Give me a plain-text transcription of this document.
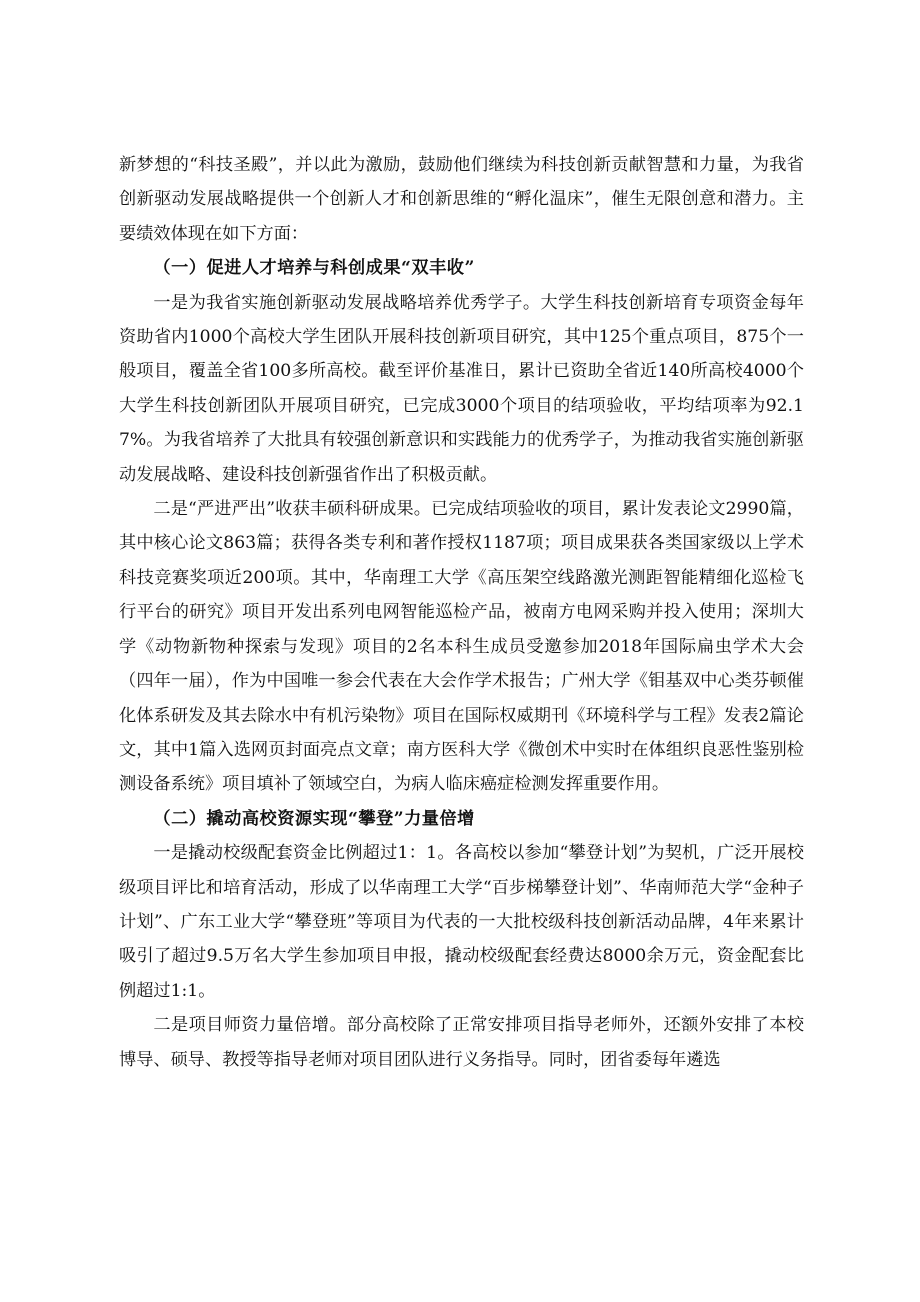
新梦想的“科技圣殿”，并以此为激励，鼓励他们继续为科技创新贡献智慧和力量，为我省创新驱动发展战略提供一个创新人才和创新思维的“孵化温床”，催生无限创意和潜力。主要绩效体现在如下方面：

（一）促进人才培养与科创成果“双丰收”

一是为我省实施创新驱动发展战略培养优秀学子。大学生科技创新培育专项资金每年资助省内1000个高校大学生团队开展科技创新项目研究，其中125个重点项目，875个一般项目，覆盖全省100多所高校。截至评价基准日，累计已资助全省近140所高校4000个大学生科技创新团队开展项目研究，已完成3000个项目的结项验收，平均结项率为92.17%。为我省培养了大批具有较强创新意识和实践能力的优秀学子，为推动我省实施创新驱动发展战略、建设科技创新强省作出了积极贡献。

二是“严进严出”收获丰硕科研成果。已完成结项验收的项目，累计发表论文2990篇，其中核心论文863篇；获得各类专利和著作授权1187项；项目成果获各类国家级以上学术科技竞赛奖项近200项。其中，华南理工大学《高压架空线路激光测距智能精细化巡检飞行平台的研究》项目开发出系列电网智能巡检产品，被南方电网采购并投入使用；深圳大学《动物新物种探索与发现》项目的2名本科生成员受邀参加2018年国际扁虫学术大会（四年一届），作为中国唯一参会代表在大会作学术报告；广州大学《钼基双中心类芬顿催化体系研发及其去除水中有机污染物》项目在国际权威期刊《环境科学与工程》发表2篇论文，其中1篇入选网页封面亮点文章；南方医科大学《微创术中实时在体组织良恶性鉴别检测设备系统》项目填补了领域空白，为病人临床癌症检测发挥重要作用。

（二）撬动高校资源实现“攀登”力量倍增

一是撬动校级配套资金比例超过1：1。各高校以参加“攀登计划”为契机，广泛开展校级项目评比和培育活动，形成了以华南理工大学“百步梯攀登计划”、华南师范大学“金种子计划”、广东工业大学“攀登班”等项目为代表的一大批校级科技创新活动品牌，4年来累计吸引了超过9.5万名大学生参加项目申报，撬动校级配套经费达8000余万元，资金配套比例超过1:1。

二是项目师资力量倍增。部分高校除了正常安排项目指导老师外，还额外安排了本校博导、硕导、教授等指导老师对项目团队进行义务指导。同时，团省委每年遴选
